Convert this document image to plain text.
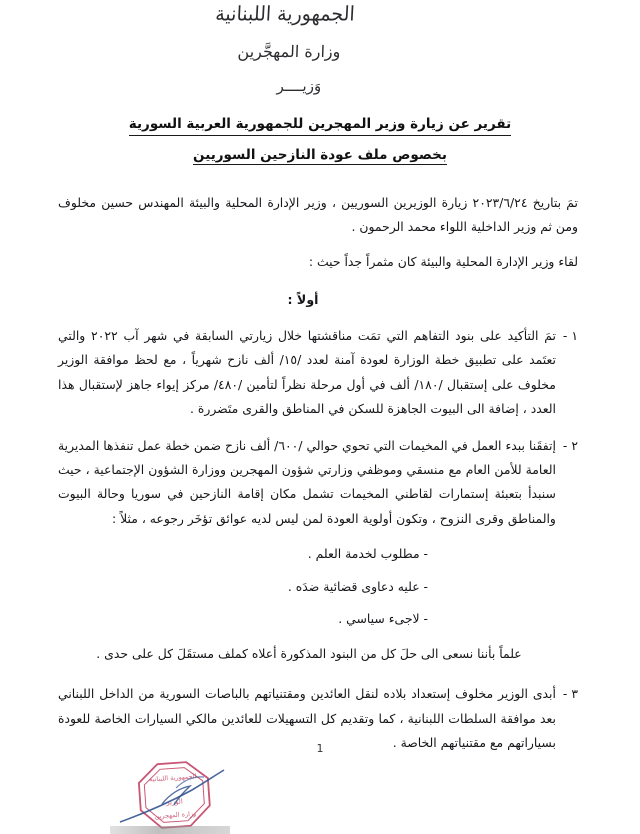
الجمهورية اللبنانية
وزارة المهجَّرين
وَزيــــر
تقرير عن زيارة وزير المهجرين للجمهورية العربية السورية
بخصوص ملف عودة النازحين السوريين

تمَ بتاريخ ٢٠٢٣/٦/٢٤ زيارة الوزيرين السوريين ، وزير الإدارة المحلية والبيئة المهندس حسين مخلوف ومن ثم وزير الداخلية اللواء محمد الرحمون .

لقاء وزير الإدارة المحلية والبيئة كان مثمراً جداً حيث :

أولاً :

١ -
تمَ التأكيد على بنود التفاهم التي تمَت مناقشتها خلال زيارتي السابقة في شهر آب ٢٠٢٢ والتي تعتَمد على تطبيق خطة الوزارة لعودة آمنة لعدد /١٥/ ألف نازح شهرياً ، مع لحظ موافقة الوزير مخلوف على إستقبال /١٨٠/ ألف في أول مرحلة نظراً لتأمين /٤٨٠/ مركز إيواء جاهز لإستقبال هذا العدد ، إضافة الى البيوت الجاهزة للسكن في المناطق والقرى متَضررة .
٢ -
إتفقَنا ببدء العمل في المخيمات التي تحوي حوالي /٦٠٠/ ألف نازح ضمن خطة عمل تنفذها المديرية العامة للأمن العام مع منسقي وموظفي وزارتي شؤون المهجرين ووزارة الشؤون الإجتماعية ، حيث سنبدأ بتعبئة إستمارات لقاطني المخيمات تشمل مكان إقامة النازحين في سوريا وحالة البيوت والمناطق وقرى النزوح ، وتكون أولوية العودة لمن ليس لديه عوائق تؤخَر رجوعه ، مثلاً :
- مطلوب لخدمة العلم .
- عليه دعاوى قضائية ضدَه .
- لاجىء سياسي .

علماً بأننا نسعى الى حلَ كل من البنود المذكورة أعلاه كملف مستقَلَ كل على حدى .

٣ -
أبدى الوزير مخلوف إستعداد بلاده لنقل العائدين ومقتنياتهم بالباصات السورية من الداخل اللبناني بعد موافقة السلطات اللبنانية ، كما وتقديم كل التسهيلات للعائدين مالكي السيارات الخاصة للعودة بسياراتهم مع مقتنياتهم الخاصة .
1
الجمهورية اللبنانية
الوزير
وزارة المهجرين
